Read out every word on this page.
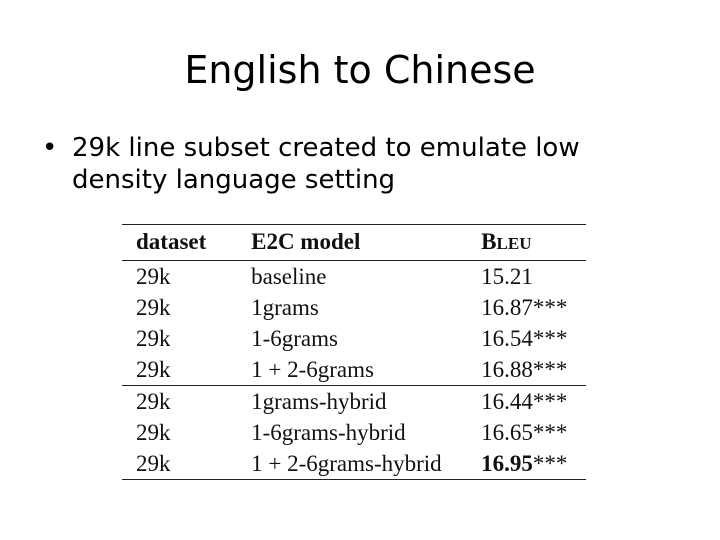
English to Chinese
• 29k line subset created to emulate low density language setting
dataset	E2C model	BLEU
29k	baseline	15.21
29k	1grams	16.87***
29k	1-6grams	16.54***
29k	1 + 2-6grams	16.88***
29k	1grams-hybrid	16.44***
29k	1-6grams-hybrid	16.65***
29k	1 + 2-6grams-hybrid	16.95***
